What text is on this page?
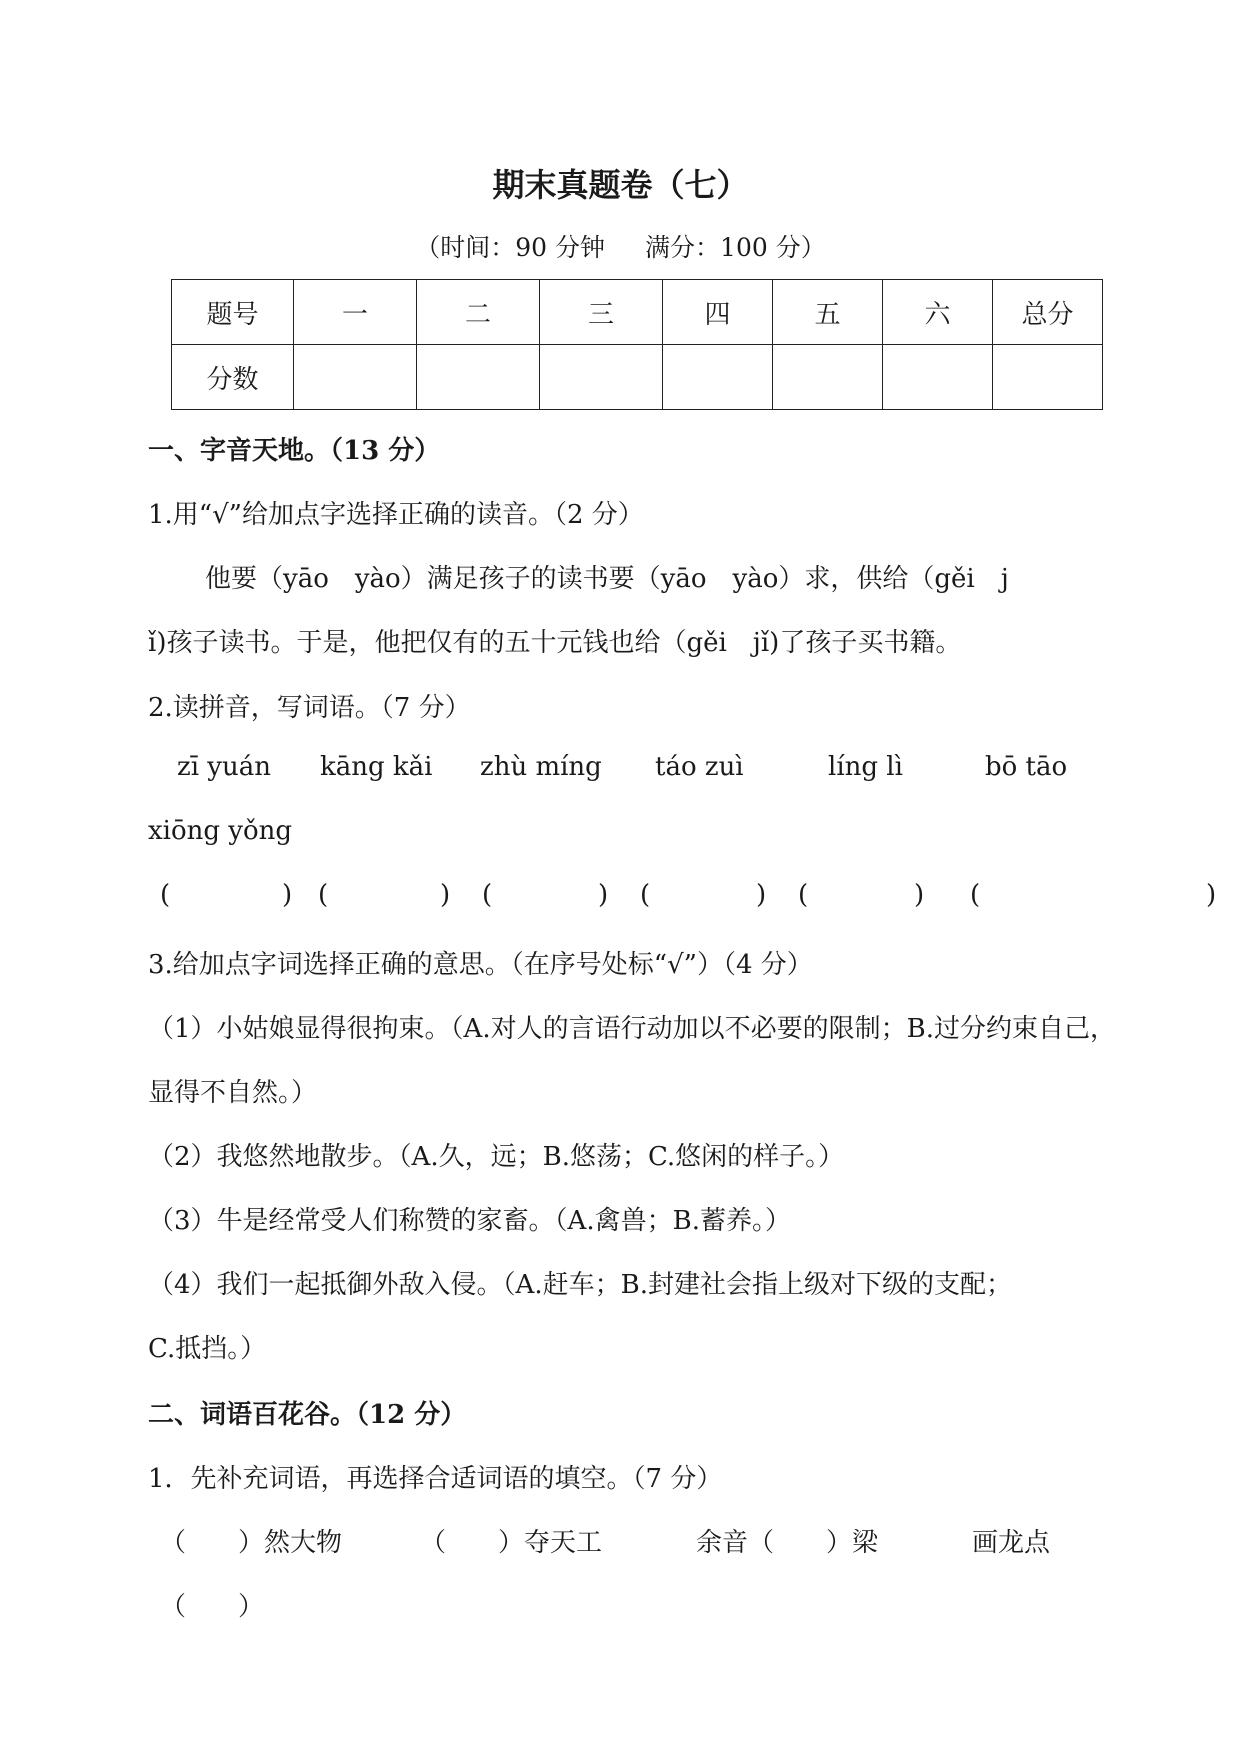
期末真题卷（七）
（时间：90 分钟 满分：100 分）
题号	一	二	三	四	五	六	总分
分数							
一、字音天地。（13 分）
1.用“√”给加点字选择正确的读音。（2 分）
他要（yāo　yào）满足孩子的读书要（yāo　yào）求，供给（gěi　j
ǐ)孩子读书。于是，他把仅有的五十元钱也给（gěi　jǐ)了孩子买书籍。
2.读拼音，写词语。（7 分）
zī yuán kāng kǎi zhù míng táo zuì	líng lì	bō tāo
xiōng yǒng
(	) (	) (	) (	) (	) (	)
3.给加点字词选择正确的意思。（在序号处标“√”）（4 分）
（1）小姑娘显得很拘束。（A.对人的言语行动加以不必要的限制；B.过分约束自己，
显得不自然。）
（2）我悠然地散步。（A.久，远；B.悠荡；C.悠闲的样子。）
（3）牛是经常受人们称赞的家畜。（A.禽兽；B.蓄养。）
（4）我们一起抵御外敌入侵。（A.赶车；B.封建社会指上级对下级的支配；
C.抵挡。）
二、词语百花谷。（12 分）
1．先补充词语，再选择合适词语的填空。（7 分）
（　　）然大物	（　　）夺天工	余音（　　）梁	画龙点
（　　）
